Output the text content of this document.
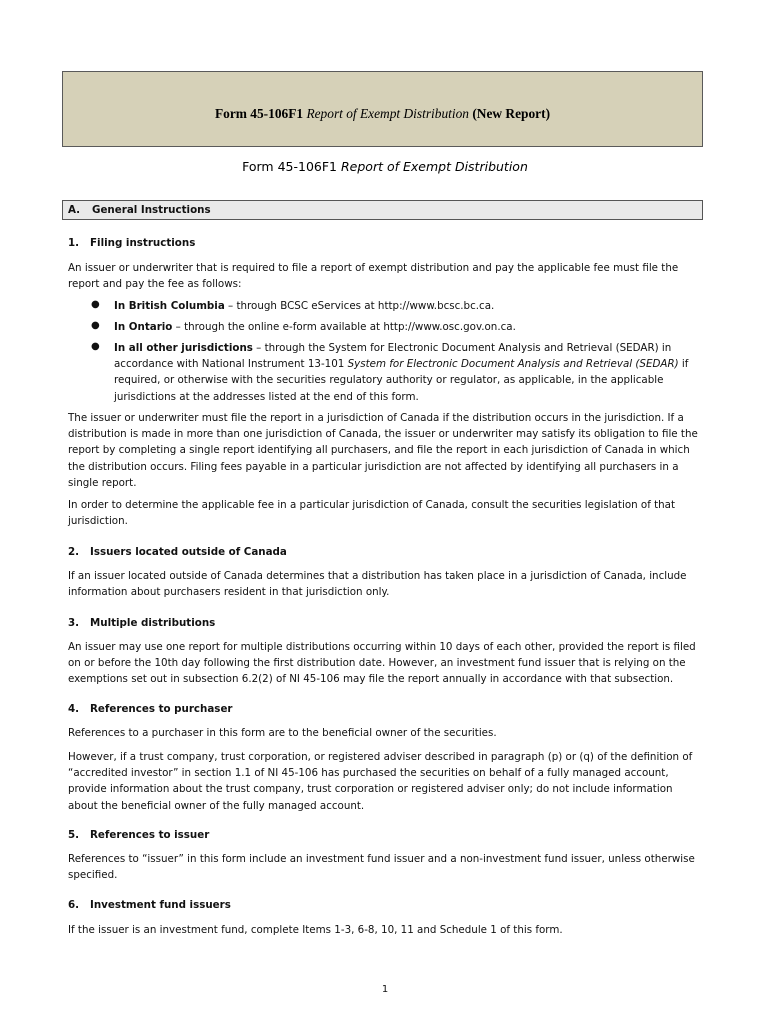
Form 45-106F1 Report of Exempt Distribution (New Report)
Form 45-106F1 Report of Exempt Distribution
A. General Instructions
1. Filing instructions
An issuer or underwriter that is required to file a report of exempt distribution and pay the applicable fee must file the report and pay the fee as follows:
●	In British Columbia – through BCSC eServices at http://www.bcsc.bc.ca.
●	In Ontario – through the online e-form available at http://www.osc.gov.on.ca.
●	In all other jurisdictions – through the System for Electronic Document Analysis and Retrieval (SEDAR) in accordance with National Instrument 13-101 System for Electronic Document Analysis and Retrieval (SEDAR) if required, or otherwise with the securities regulatory authority or regulator, as applicable, in the applicable jurisdictions at the addresses listed at the end of this form.
The issuer or underwriter must file the report in a jurisdiction of Canada if the distribution occurs in the jurisdiction. If a distribution is made in more than one jurisdiction of Canada, the issuer or underwriter may satisfy its obligation to file the report by completing a single report identifying all purchasers, and file the report in each jurisdiction of Canada in which the distribution occurs. Filing fees payable in a particular jurisdiction are not affected by identifying all purchasers in a single report.
In order to determine the applicable fee in a particular jurisdiction of Canada, consult the securities legislation of that jurisdiction.
2. Issuers located outside of Canada
If an issuer located outside of Canada determines that a distribution has taken place in a jurisdiction of Canada, include information about purchasers resident in that jurisdiction only.
3. Multiple distributions
An issuer may use one report for multiple distributions occurring within 10 days of each other, provided the report is filed on or before the 10th day following the first distribution date. However, an investment fund issuer that is relying on the exemptions set out in subsection 6.2(2) of NI 45-106 may file the report annually in accordance with that subsection.
4. References to purchaser
References to a purchaser in this form are to the beneficial owner of the securities.
However, if a trust company, trust corporation, or registered adviser described in paragraph (p) or (q) of the definition of “accredited investor” in section 1.1 of NI 45-106 has purchased the securities on behalf of a fully managed account, provide information about the trust company, trust corporation or registered adviser only; do not include information about the beneficial owner of the fully managed account.
5. References to issuer
References to “issuer” in this form include an investment fund issuer and a non-investment fund issuer, unless otherwise specified.
6. Investment fund issuers
If the issuer is an investment fund, complete Items 1-3, 6-8, 10, 11 and Schedule 1 of this form.
1
